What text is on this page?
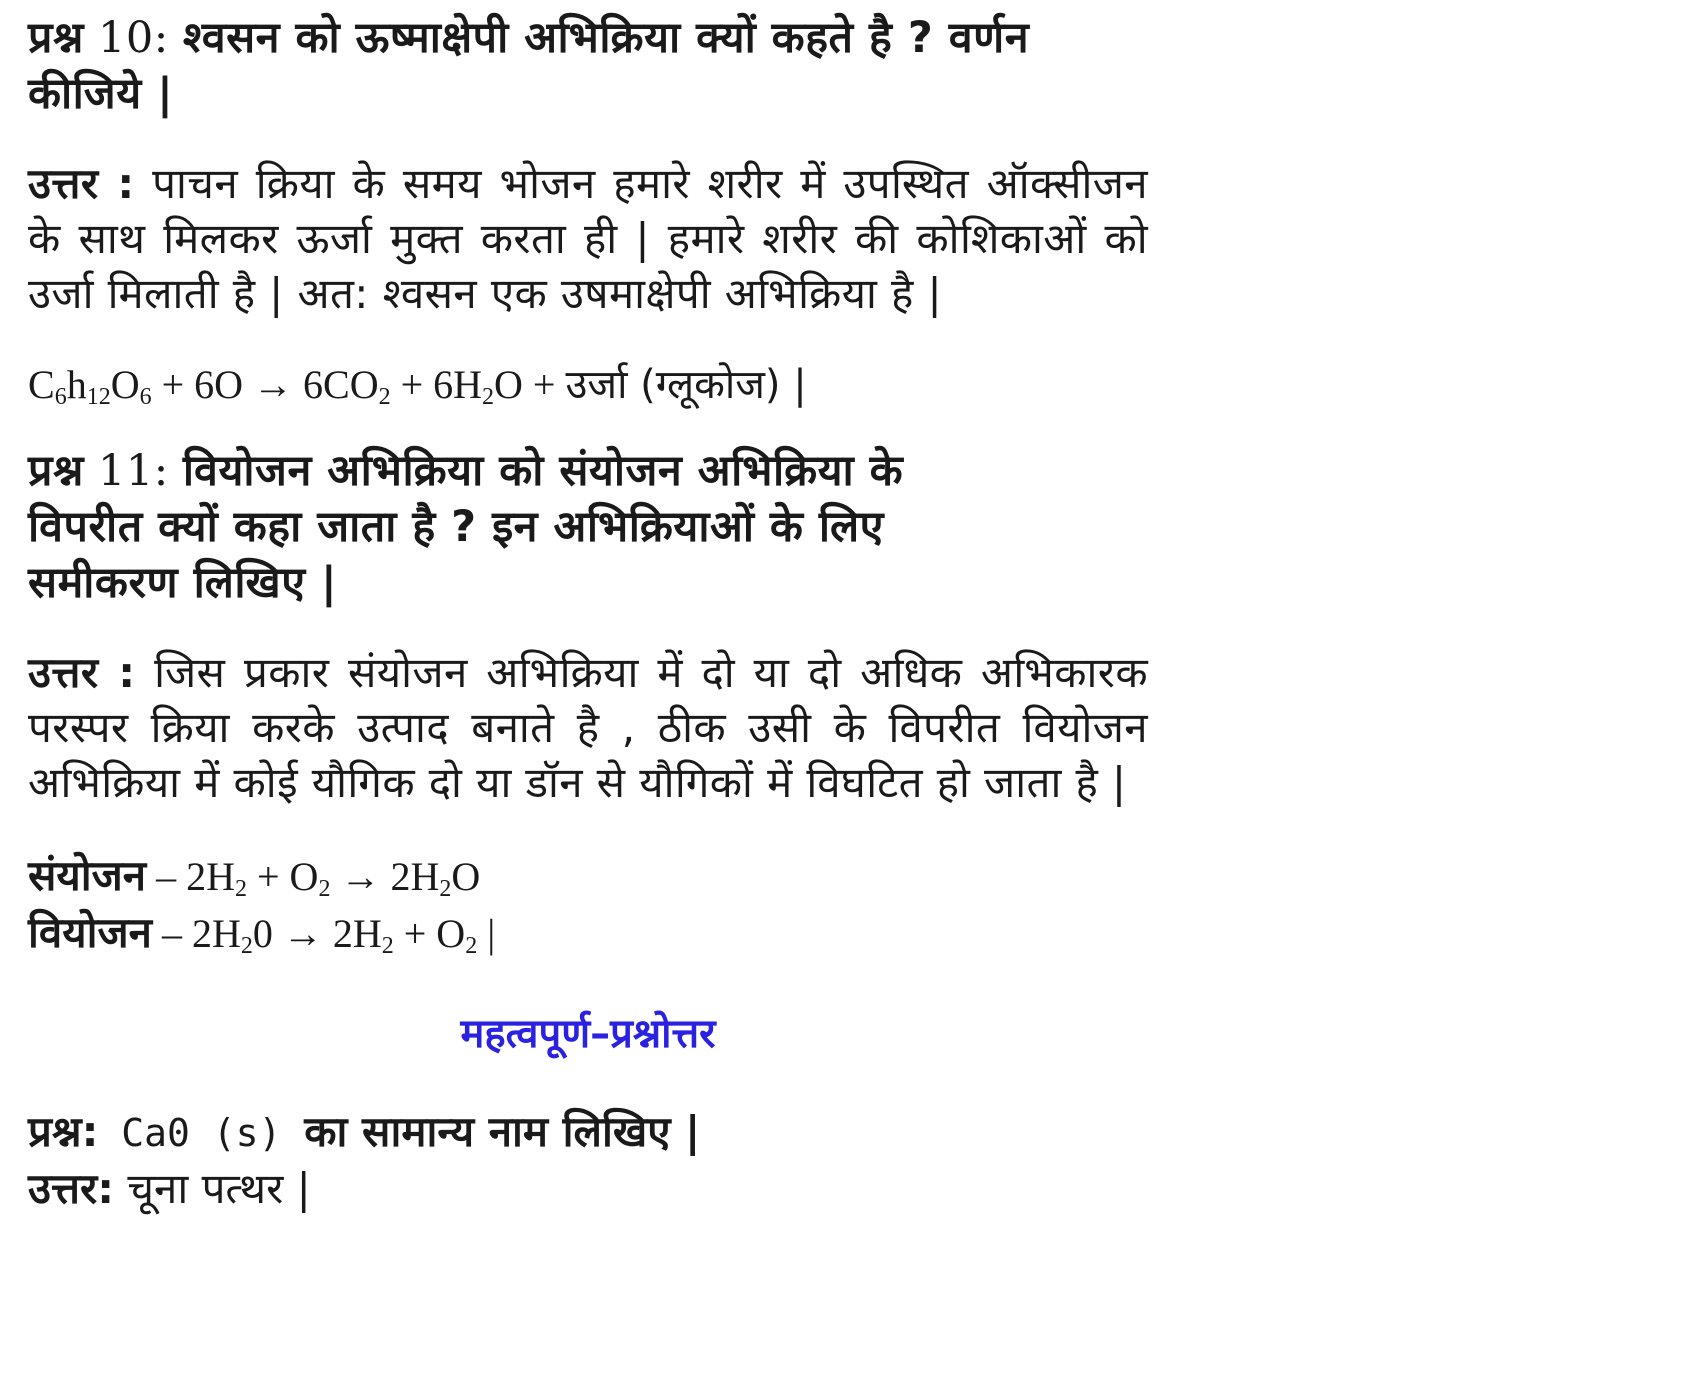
प्रश्न 10: श्वसन को ऊष्माक्षेपी अभिक्रिया क्यों कहते है ? वर्णन कीजिये |
उत्तर : पाचन क्रिया के समय भोजन हमारे शरीर में उपस्थित ऑक्सीजन के साथ मिलकर ऊर्जा मुक्त करता ही | हमारे शरीर की कोशिकाओं को उर्जा मिलाती है | अत: श्वसन एक उषमाक्षेपी अभिक्रिया है |
$C_6h_{12}O_6 + 6O \to 6CO_2 + 6H_2O$ + उर्जा (ग्लूकोज) |
प्रश्न 11: वियोजन अभिक्रिया को संयोजन अभिक्रिया के विपरीत क्यों कहा जाता है ? इन अभिक्रियाओं के लिए समीकरण लिखिए |
उत्तर : जिस प्रकार संयोजन अभिक्रिया में दो या दो अधिक अभिकारक परस्पर क्रिया करके उत्पाद बनाते है , ठीक उसी के विपरीत वियोजन अभिक्रिया में कोई यौगिक दो या डॉन से यौगिकों में विघटित हो जाता है |
संयोजन – $2H_2 + O_2 \to 2H_2O$
वियोजन – $2H_20 \to 2H_2 + O_2$ |
महत्वपूर्ण–प्रश्नोत्तर
प्रश्न: Ca0 (s) का सामान्य नाम लिखिए |
उत्तर: चूना पत्थर |
